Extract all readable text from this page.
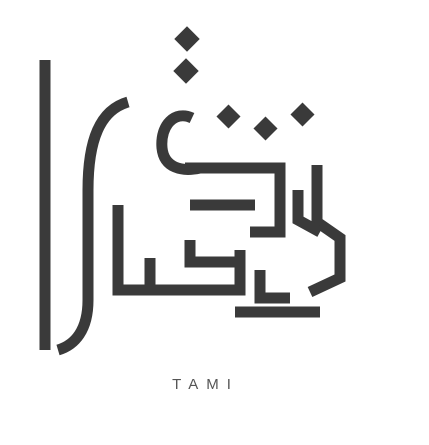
TAMI
